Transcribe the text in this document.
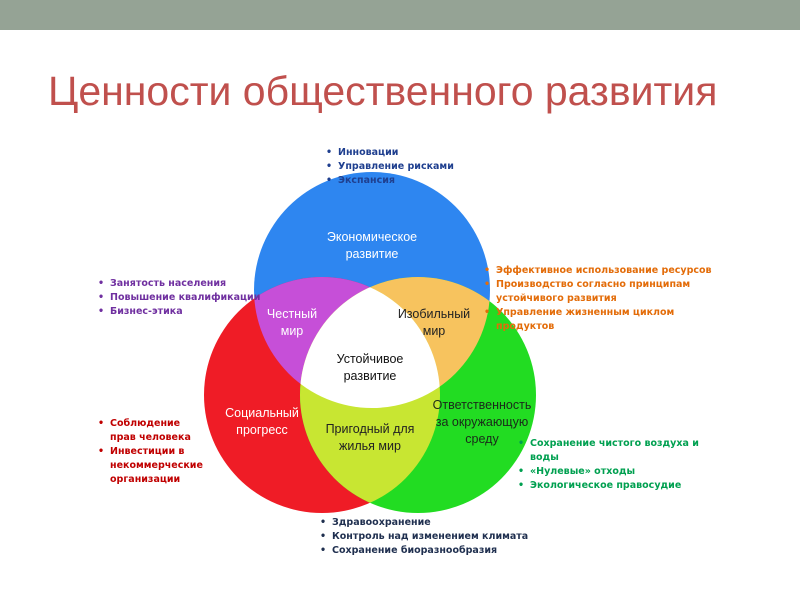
Ценности общественного развития
Экономическое
развитие
Социальный
прогресс
Ответственность
за окружающую
среду
Честный
мир
Изобильный
мир
Пригодный для
жилья мир
Устойчивое
развитие
• Инновации
• Управление рисками
• Экспансия
• Занятость населения
• Повышение квалификации
• Бизнес-этика
• Эффективное использование ресурсов
• Производство согласно принципам устойчивого развития
• Управление жизненным циклом продуктов
• Соблюдение прав человека
• Инвестиции в некоммерческие организации
• Сохранение чистого воздуха и воды
• «Нулевые» отходы
• Экологическое правосудие
• Здравоохранение
• Контроль над изменением климата
• Сохранение биоразнообразия
